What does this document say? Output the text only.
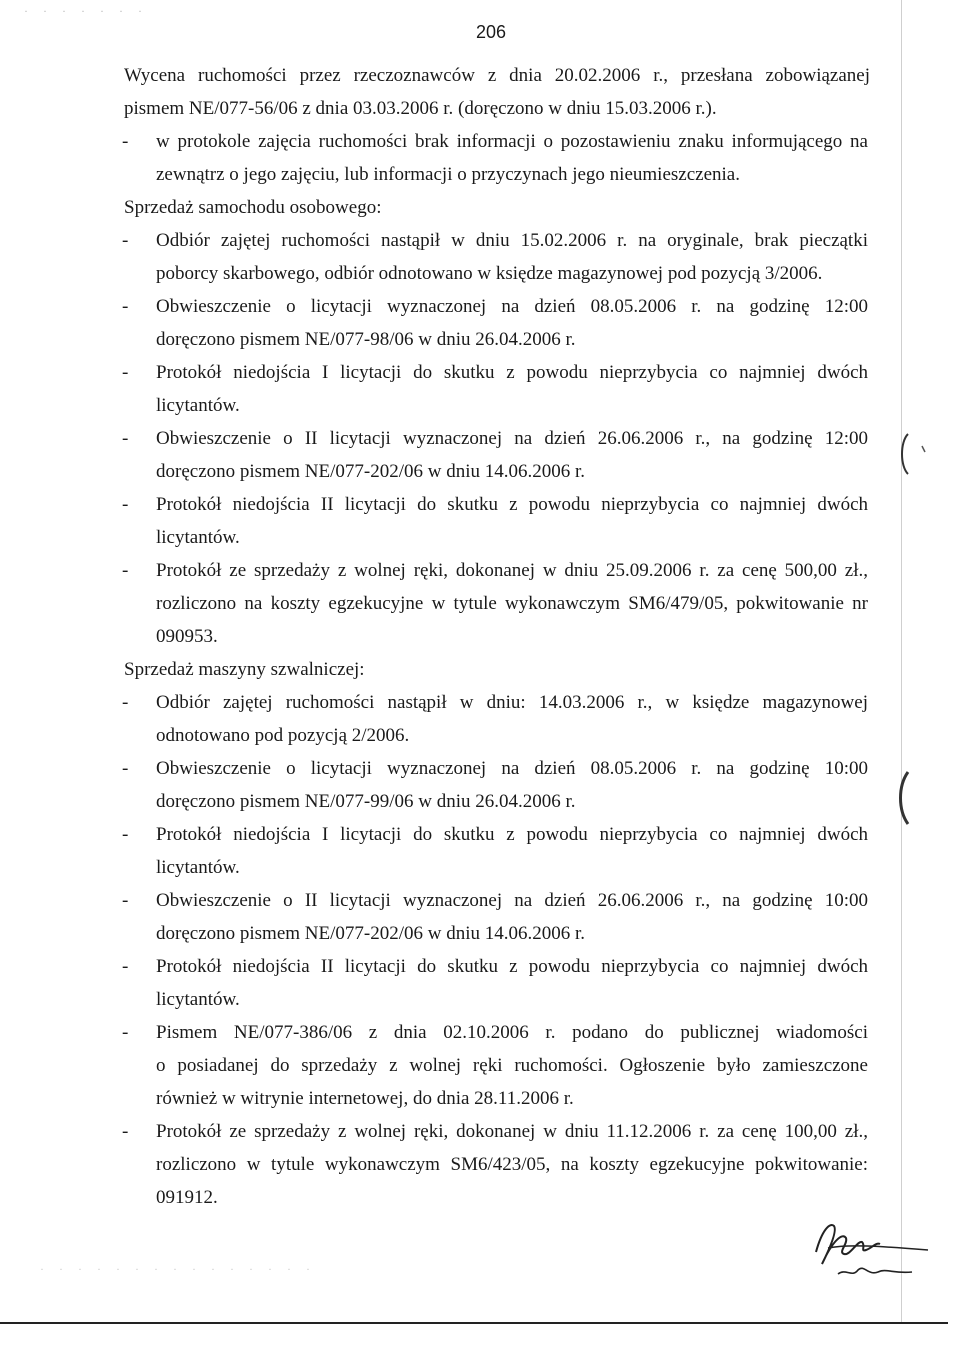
· · · · · · ·
· · · · · · · · · · · · · · ·
206
Wycena ruchomości przez rzeczoznawców z dnia 20.02.2006 r., przesłana zobowiązanej
pismem NE/077-56/06 z dnia 03.03.2006 r. (doręczono w dniu 15.03.2006 r.).
- w protokole zajęcia ruchomości brak informacji o pozostawieniu znaku informującego na
zewnątrz o jego zajęciu, lub informacji o przyczynach jego nieumieszczenia.
Sprzedaż samochodu osobowego:
- Odbiór zajętej ruchomości nastąpił w dniu 15.02.2006 r. na oryginale, brak pieczątki
poborcy skarbowego, odbiór odnotowano w księdze magazynowej pod pozycją 3/2006.
- Obwieszczenie o licytacji wyznaczonej na dzień 08.05.2006 r. na godzinę 12:00
doręczono pismem NE/077-98/06 w dniu 26.04.2006 r.
- Protokół niedojścia I licytacji do skutku z powodu nieprzybycia co najmniej dwóch
licytantów.
- Obwieszczenie o II licytacji wyznaczonej na dzień 26.06.2006 r., na godzinę 12:00
doręczono pismem NE/077-202/06 w dniu 14.06.2006 r.
- Protokół niedojścia II licytacji do skutku z powodu nieprzybycia co najmniej dwóch
licytantów.
- Protokół ze sprzedaży z wolnej ręki, dokonanej w dniu 25.09.2006 r. za cenę 500,00 zł.,
rozliczono na koszty egzekucyjne w tytule wykonawczym SM6/479/05, pokwitowanie nr
090953.
Sprzedaż maszyny szwalniczej:
- Odbiór zajętej ruchomości nastąpił w dniu: 14.03.2006 r., w księdze magazynowej
odnotowano pod pozycją 2/2006.
- Obwieszczenie o licytacji wyznaczonej na dzień 08.05.2006 r. na godzinę 10:00
doręczono pismem NE/077-99/06 w dniu 26.04.2006 r.
- Protokół niedojścia I licytacji do skutku z powodu nieprzybycia co najmniej dwóch
licytantów.
- Obwieszczenie o II licytacji wyznaczonej na dzień 26.06.2006 r., na godzinę 10:00
doręczono pismem NE/077-202/06 w dniu 14.06.2006 r.
- Protokół niedojścia II licytacji do skutku z powodu nieprzybycia co najmniej dwóch
licytantów.
- Pismem NE/077-386/06 z dnia 02.10.2006 r. podano do publicznej wiadomości
o posiadanej do sprzedaży z wolnej ręki ruchomości. Ogłoszenie było zamieszczone
również w witrynie internetowej, do dnia 28.11.2006 r.
- Protokół ze sprzedaży z wolnej ręki, dokonanej w dniu 11.12.2006 r. za cenę 100,00 zł.,
rozliczono w tytule wykonawczym SM6/423/05, na koszty egzekucyjne pokwitowanie:
091912.
